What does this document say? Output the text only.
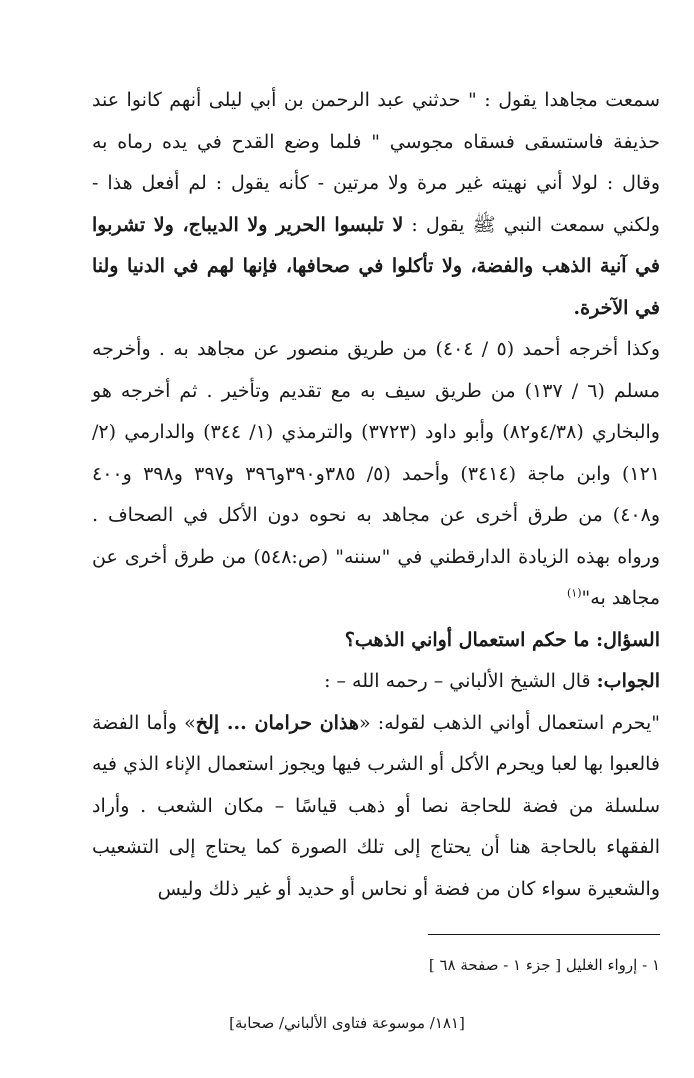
سمعت مجاهدا يقول : " حدثني عبد الرحمن بن أبي ليلى أنهم كانوا عند حذيفة فاستسقى فسقاه مجوسي " فلما وضع القدح في يده رماه به وقال : لولا أني نهيته غير مرة ولا مرتين - كأنه يقول : لم أفعل هذا - ولكني سمعت النبي ﷺ يقول : لا تلبسوا الحرير ولا الديباج، ولا تشربوا في آنية الذهب والفضة، ولا تأكلوا في صحافها، فإنها لهم في الدنيا ولنا في الآخرة.

وكذا أخرجه أحمد (٥ / ٤٠٤) من طريق منصور عن مجاهد به . وأخرجه مسلم (٦ / ١٣٧) من طريق سيف به مع تقديم وتأخير . ثم أخرجه هو والبخاري (٤/٣٨و٨٢) وأبو داود (٣٧٢٣) والترمذي (١/ ٣٤٤) والدارمي (٢/ ١٢١) وابن ماجة (٣٤١٤) وأحمد (٥/ ٣٨٥و٣٩٠و٣٩٦ و٣٩٧ و٣٩٨ و٤٠٠ و٤٠٨) من طرق أخرى عن مجاهد به نحوه دون الأكل في الصحاف . ورواه بهذه الزيادة الدارقطني في "سننه" (ص:٥٤٨) من طرق أخرى عن مجاهد به"$^{(١)}$

السؤال: ما حكم استعمال أواني الذهب؟

الجواب: قال الشيخ الألباني – رحمه الله – :

"يحرم استعمال أواني الذهب لقوله: «هذان حرامان ... إلخ» وأما الفضة فالعبوا بها لعبا ويحرم الأكل أو الشرب فيها ويجوز استعمال الإناء الذي فيه سلسلة من فضة للحاجة نصا أو ذهب قياسًا – مكان الشعب . وأراد الفقهاء بالحاجة هنا أن يحتاج إلى تلك الصورة كما يحتاج إلى التشعيب والشعيرة سواء كان من فضة أو نحاس أو حديد أو غير ذلك وليس

١ - إرواء الغليل [ جزء ١ - صفحة ٦٨ ]
[١٨١/ موسوعة فتاوى الألباني/ صحابة]
